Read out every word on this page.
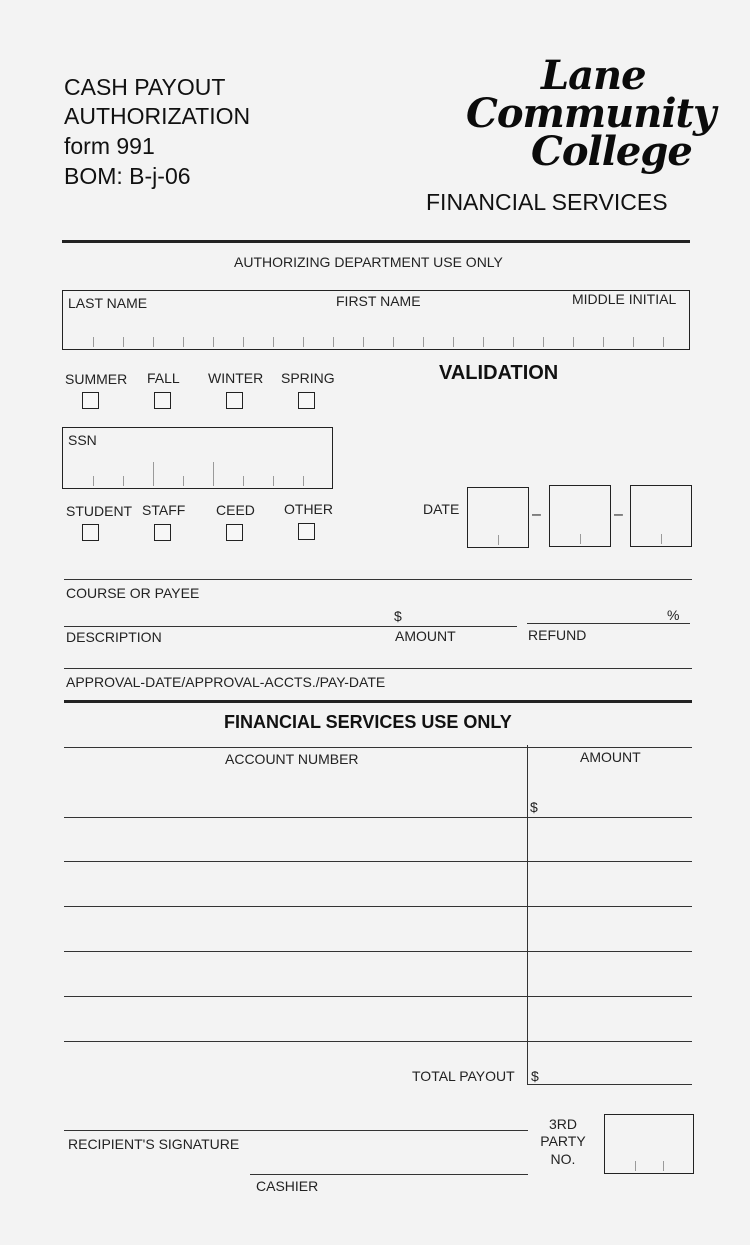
CASH PAYOUT
AUTHORIZATION
form 991
BOM: B-j-06
Lane
Community
College
FINANCIAL SERVICES
AUTHORIZING DEPARTMENT USE ONLY
LAST NAME	FIRST NAME	MIDDLE INITIAL
SUMMER FALL WINTER SPRING	VALIDATION
SSN
STUDENT STAFF CEED OTHER	DATE	–	–
COURSE OR PAYEE
$	%
DESCRIPTION	AMOUNT	REFUND
APPROVAL-DATE/APPROVAL-ACCTS./PAY-DATE
FINANCIAL SERVICES USE ONLY
ACCOUNT NUMBER	AMOUNT
$
TOTAL PAYOUT $
RECIPIENT'S SIGNATURE
3RD
PARTY
NO.
CASHIER
